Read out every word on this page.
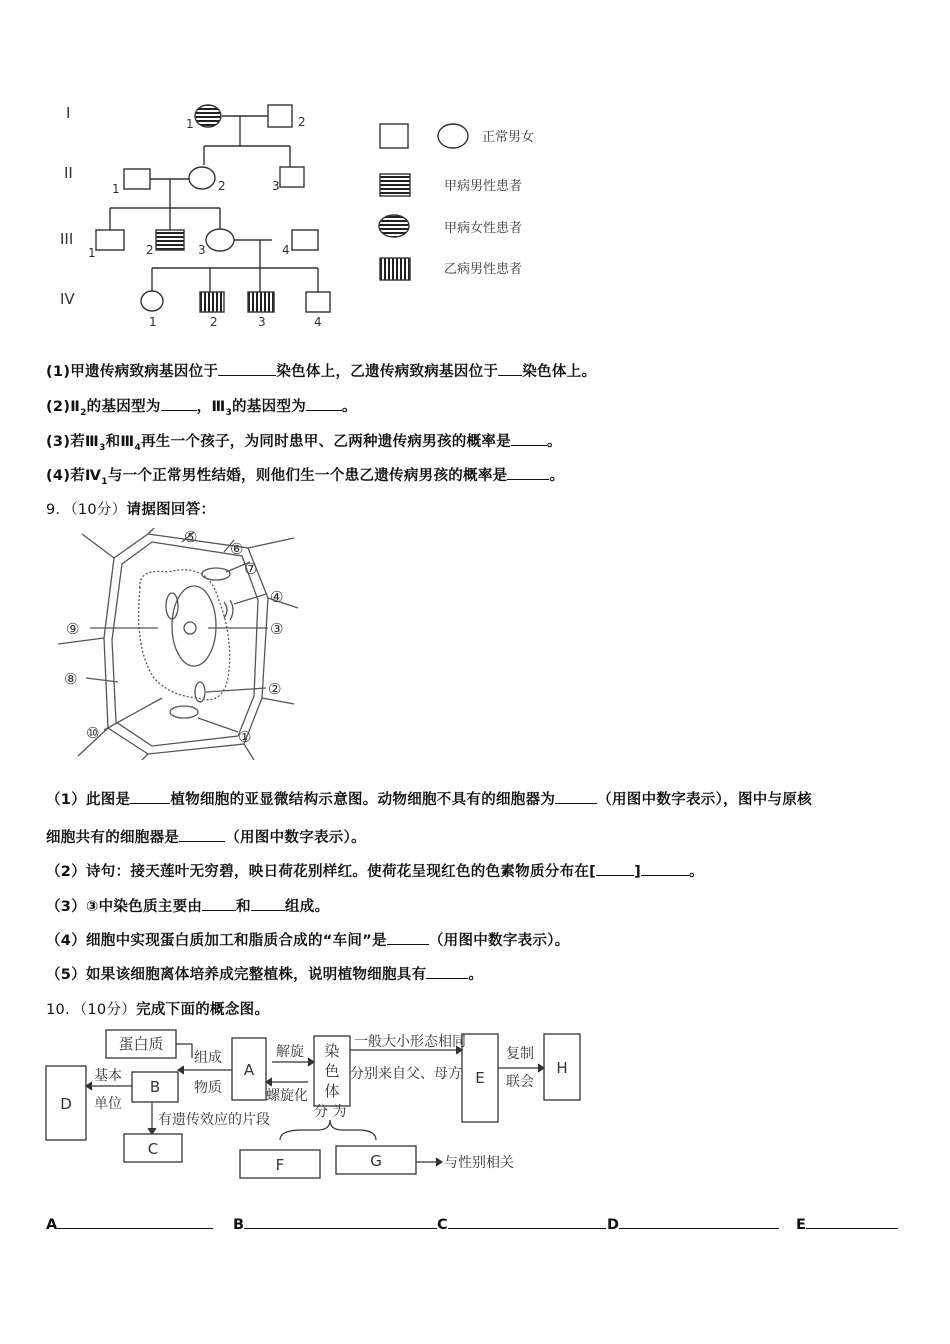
I
II
III
IV
1	2
1	2	3
1	2	3	4
1	2	3	4
正常男女
甲病男性患者
甲病女性患者
乙病男性患者
(1)甲遗传病致病基因位于	染色体上，乙遗传病致病基因位于 染色体上。
$(2)Ⅱ_2$的基因型为 ，$Ⅲ_3$的基因型为 。
(3)若$Ⅲ_3$和$Ⅲ_4$再生一个孩子，为同时患甲、乙两种遗传病男孩的概率是 。
(4)若$Ⅳ_1$与一个正常男性结婚，则他们生一个患乙遗传病男孩的概率是	。
9．（10分）请据图回答：
⑤
⑥
⑦
④
③
②
①
⑨
⑧
⑩
（1）此图是	植物细胞的亚显微结构示意图。动物细胞不具有的细胞器为	（用图中数字表示），图中与原核
细胞共有的细胞器是	（用图中数字表示）。
（2）诗句：接天莲叶无穷碧，映日荷花别样红。使荷花呈现红色的色素物质分布在[	]	。
（3）③中染色质主要由 和 组成。
（4）细胞中实现蛋白质加工和脂质合成的“车间”是	（用图中数字表示）。
（5）如果该细胞离体培养成完整植株，说明植物细胞具有	。
10．（10分）完成下面的概念图。
蛋白质
A
B
C
D
E
H
F	G
染
色
体
组成
物质
基本
单位
解旋
螺旋化
有遗传效应的片段
一般大小形态相同
分别来自父、母方
复制
联会
分 为
与性别相关
A	B	C	D	E
